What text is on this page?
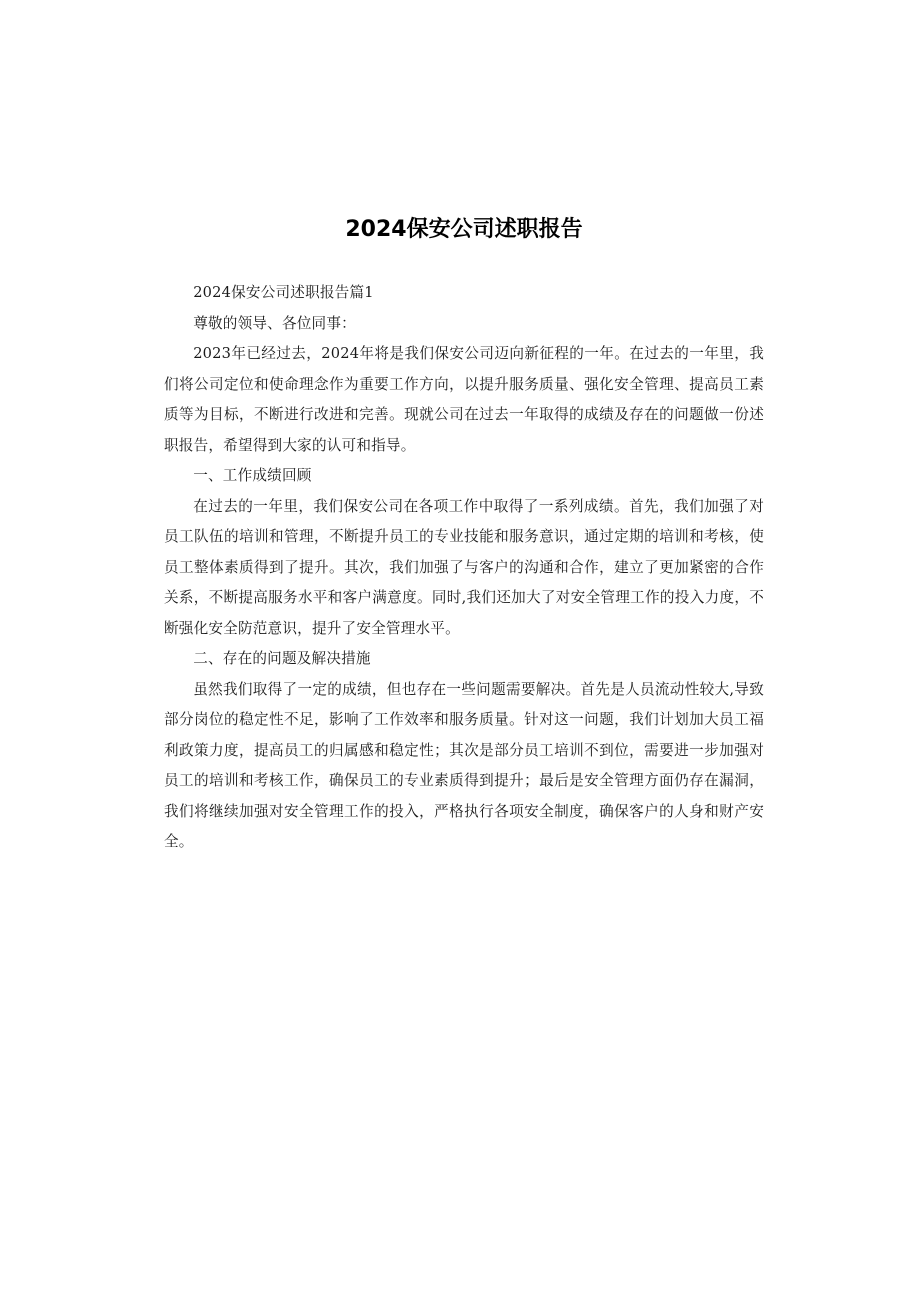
2024保安公司述职报告

2024保安公司述职报告篇1

尊敬的领导、各位同事：

2023年已经过去，2024年将是我们保安公司迈向新征程的一年。在过去的一年里，我们将公司定位和使命理念作为重要工作方向，以提升服务质量、强化安全管理、提高员工素质等为目标，不断进行改进和完善。现就公司在过去一年取得的成绩及存在的问题做一份述职报告，希望得到大家的认可和指导。

一、工作成绩回顾

在过去的一年里，我们保安公司在各项工作中取得了一系列成绩。首先，我们加强了对员工队伍的培训和管理，不断提升员工的专业技能和服务意识，通过定期的培训和考核，使员工整体素质得到了提升。其次，我们加强了与客户的沟通和合作，建立了更加紧密的合作关系，不断提高服务水平和客户满意度。同时,我们还加大了对安全管理工作的投入力度，不断强化安全防范意识，提升了安全管理水平。

二、存在的问题及解决措施

虽然我们取得了一定的成绩，但也存在一些问题需要解决。首先是人员流动性较大,导致部分岗位的稳定性不足，影响了工作效率和服务质量。针对这一问题，我们计划加大员工福利政策力度，提高员工的归属感和稳定性；其次是部分员工培训不到位，需要进一步加强对员工的培训和考核工作，确保员工的专业素质得到提升；最后是安全管理方面仍存在漏洞，我们将继续加强对安全管理工作的投入，严格执行各项安全制度，确保客户的人身和财产安全。
